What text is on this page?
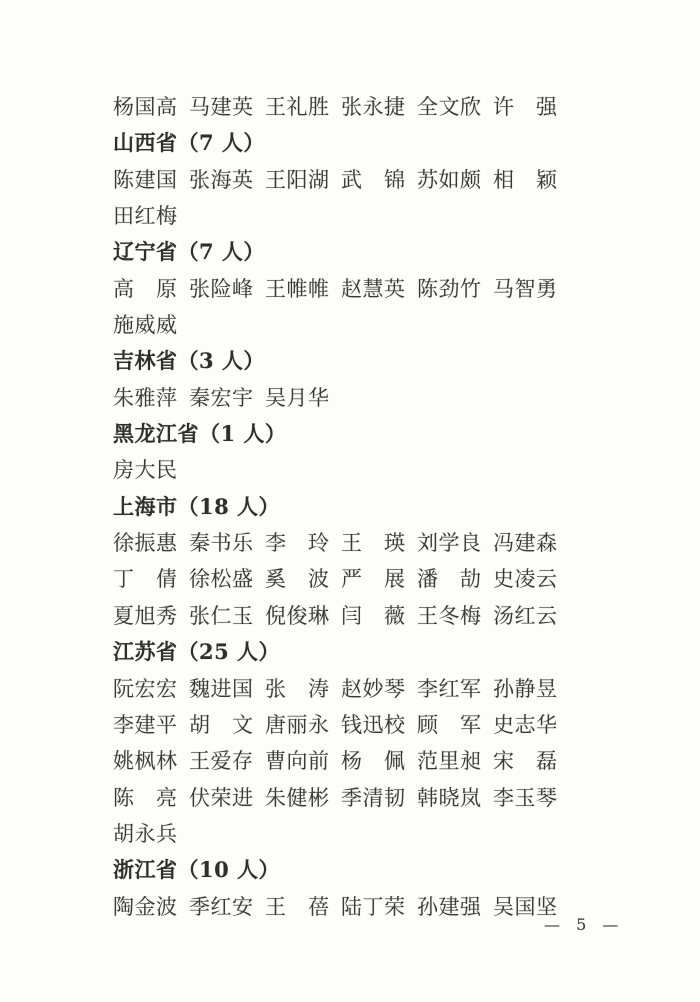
杨国高 马建英 王礼胜 张永捷 全文欣 许 强
山西省（7 人）
陈建国 张海英 王阳湖 武 锦 苏如颇 相 颖
田红梅
辽宁省（7 人）
高 原 张险峰 王帷帷 赵慧英 陈劲竹 马智勇
施威威
吉林省（3 人）
朱雅萍 秦宏宇 吴月华
黑龙江省（1 人）
房大民
上海市（18 人）
徐振惠 秦书乐 李 玲 王 瑛 刘学良 冯建森
丁 倩 徐松盛 奚 波 严 展 潘 劼 史凌云
夏旭秀 张仁玉 倪俊琳 闫 薇 王冬梅 汤红云
江苏省（25 人）
阮宏宏 魏进国 张 涛 赵妙琴 李红军 孙静昱
李建平 胡 文 唐丽永 钱迅校 顾 军 史志华
姚枫林 王爱存 曹向前 杨 佩 范里昶 宋 磊
陈 亮 伏荣进 朱健彬 季清韧 韩晓岚 李玉琴
胡永兵
浙江省（10 人）
陶金波 季红安 王 蓓 陆丁荣 孙建强 吴国坚
— 5 —
